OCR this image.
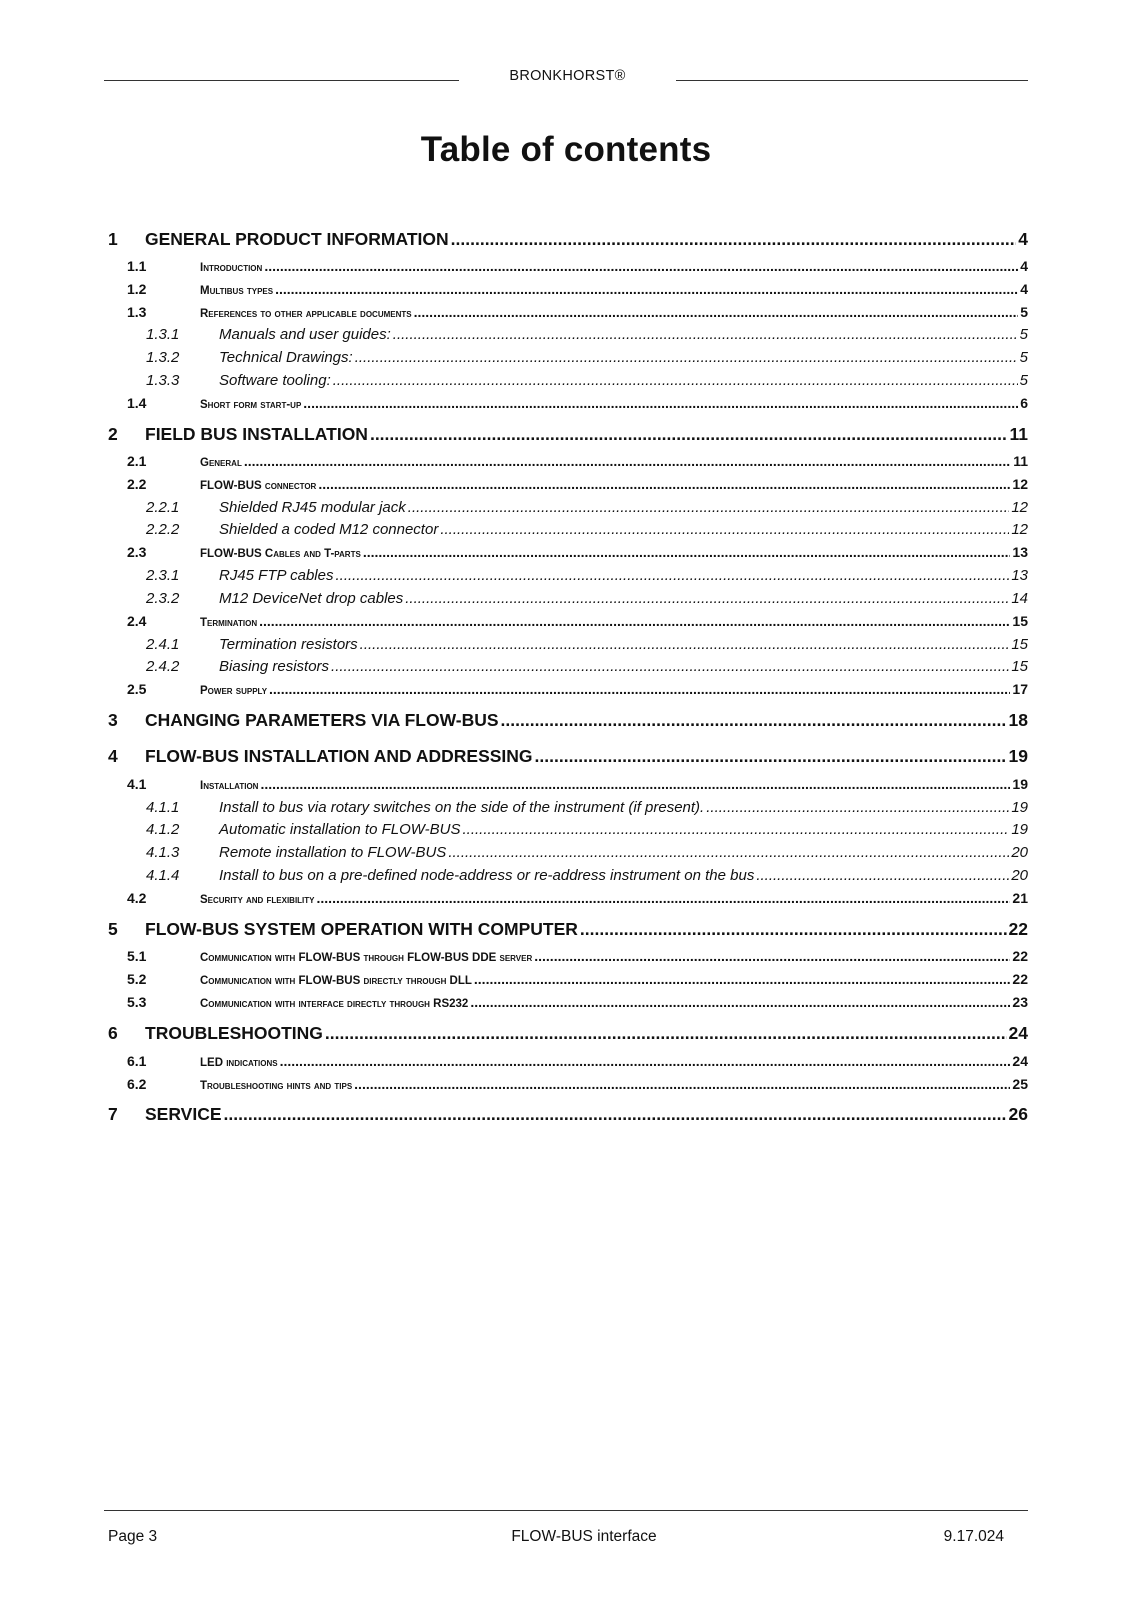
BRONKHORST®
Table of contents
1	GENERAL PRODUCT INFORMATION .....	4
1.1	Introduction .....	4
1.2	Multibus types .....	4
1.3	References to other applicable documents .....	5
1.3.1	Manuals and user guides: .....	5
1.3.2	Technical Drawings: .....	5
1.3.3	Software tooling: .....	5
1.4	Short form start-up .....	6
2	FIELD BUS INSTALLATION .....	11
2.1	General .....	11
2.2	FLOW-BUS connector .....	12
2.2.1	Shielded RJ45 modular jack .....	12
2.2.2	Shielded a coded M12 connector .....	12
2.3	FLOW-BUS Cables and T-parts .....	13
2.3.1	RJ45 FTP cables .....	13
2.3.2	M12 DeviceNet drop cables .....	14
2.4	Termination .....	15
2.4.1	Termination resistors .....	15
2.4.2	Biasing resistors .....	15
2.5	Power supply .....	17
3	CHANGING PARAMETERS VIA FLOW-BUS .....	18
4	FLOW-BUS INSTALLATION AND ADDRESSING .....	19
4.1	Installation .....	19
4.1.1	Install to bus via rotary switches on the side of the instrument (if present). .....	19
4.1.2	Automatic installation to FLOW-BUS .....	19
4.1.3	Remote installation to FLOW-BUS .....	20
4.1.4	Install to bus on a pre-defined node-address or re-address instrument on the bus .....	20
4.2	Security and flexibility .....	21
5	FLOW-BUS SYSTEM OPERATION WITH COMPUTER .....	22
5.1	Communication with FLOW-BUS through FLOW-BUS DDE server .....	22
5.2	Communication with FLOW-BUS directly through DLL .....	22
5.3	Communication with interface directly through RS232 .....	23
6	TROUBLESHOOTING .....	24
6.1	LED indications .....	24
6.2	Troubleshooting hints and tips .....	25
7	SERVICE .....	26
Page 3	FLOW-BUS interface	9.17.024
